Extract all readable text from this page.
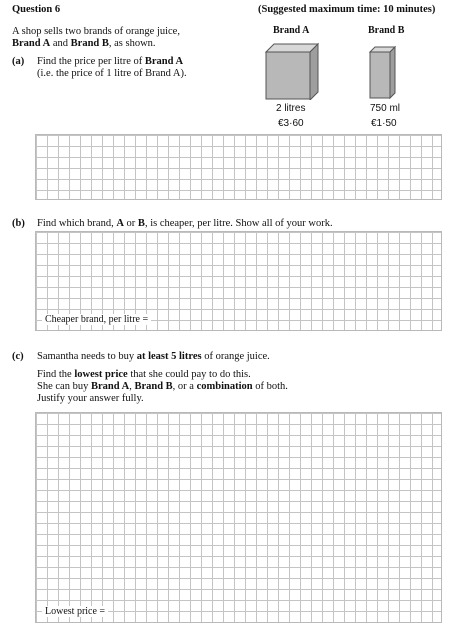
Question 6	(Suggested maximum time: 10 minutes)
A shop sells two brands of orange juice,
Brand A and Brand B, as shown.
(a) Find the price per litre of Brand A
(i.e. the price of 1 litre of Brand A).
Brand A	Brand B
2 litres
€3·60
750 ml
€1·50
(b) Find which brand, A or B, is cheaper, per litre. Show all of your work.
Cheaper brand, per litre =
(c) Samantha needs to buy at least 5 litres of orange juice.
Find the lowest price that she could pay to do this.
She can buy Brand A, Brand B, or a combination of both.
Justify your answer fully.
Lowest price =
